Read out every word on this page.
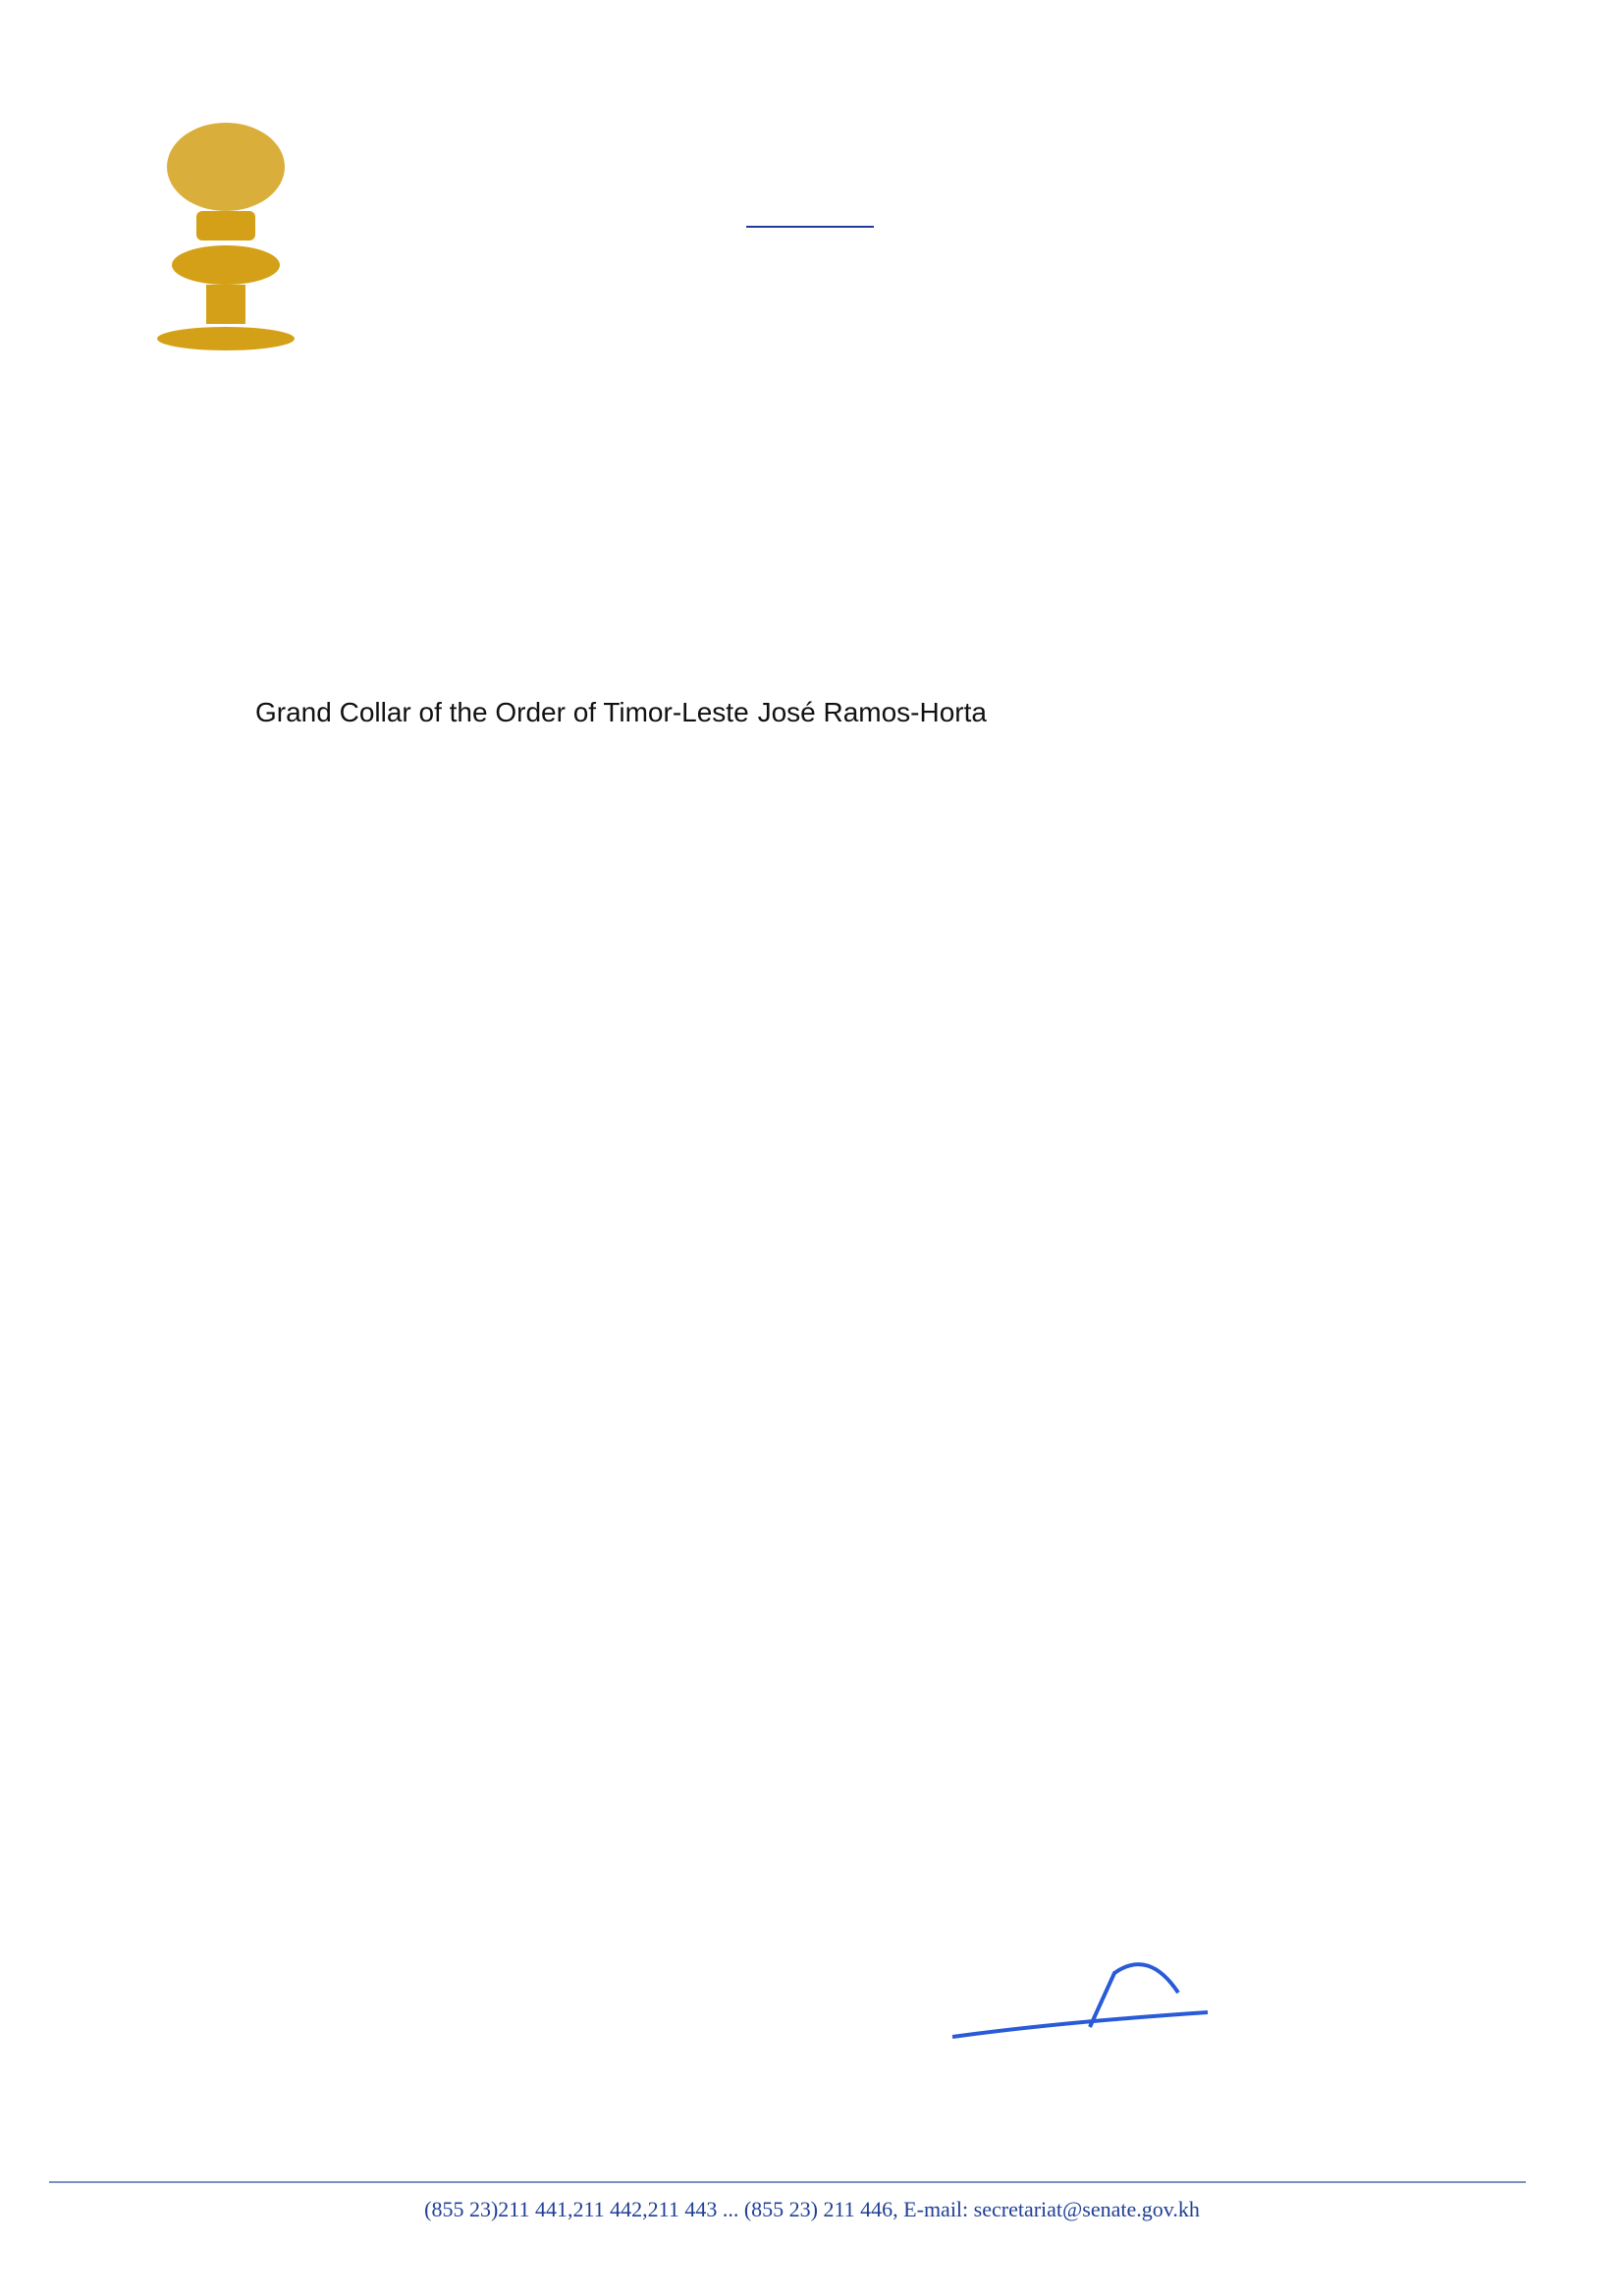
Grand Collar of the Order of Timor-Leste José Ramos-Horta

(855 23)211 441,211 442,211 443 ... (855 23) 211 446, E-mail: secretariat@senate.gov.kh
